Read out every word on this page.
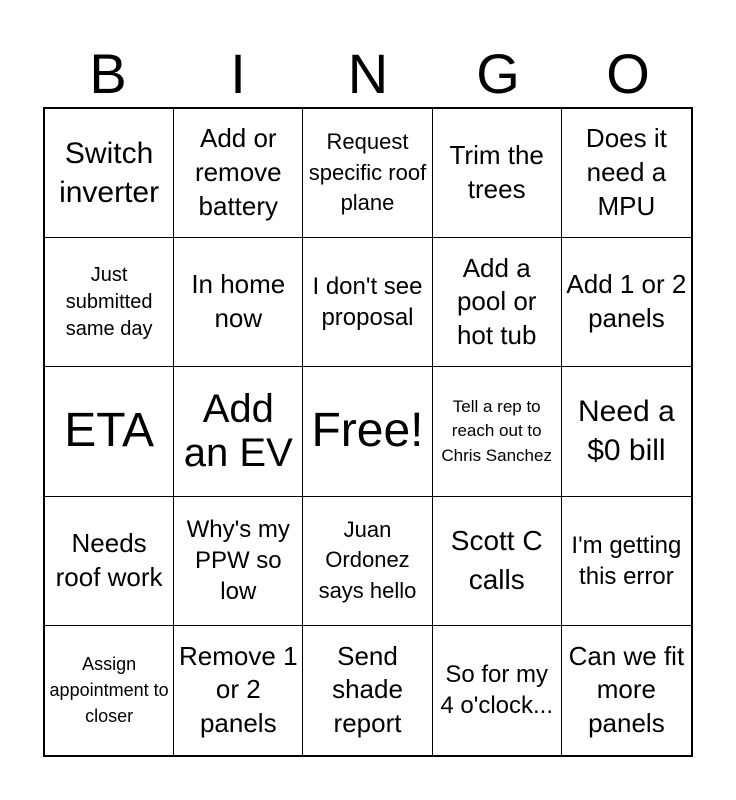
B	I	N	G	O
Switch inverter
Add or remove battery
Request specific roof plane
Trim the trees
Does it need a MPU
Just submitted same day
In home now
I don't see proposal
Add a pool or hot tub
Add 1 or 2 panels
ETA	Add an EV Free!	Tell a rep to reach out to Chris Sanchez
Need a $0 bill
Needs roof work
Why's my PPW so low
Juan Ordonez says hello
Scott C calls
I'm getting this error
Assign appointment to closer
Remove 1 or 2 panels
Send shade report
So for my 4 o'clock...
Can we fit more panels
